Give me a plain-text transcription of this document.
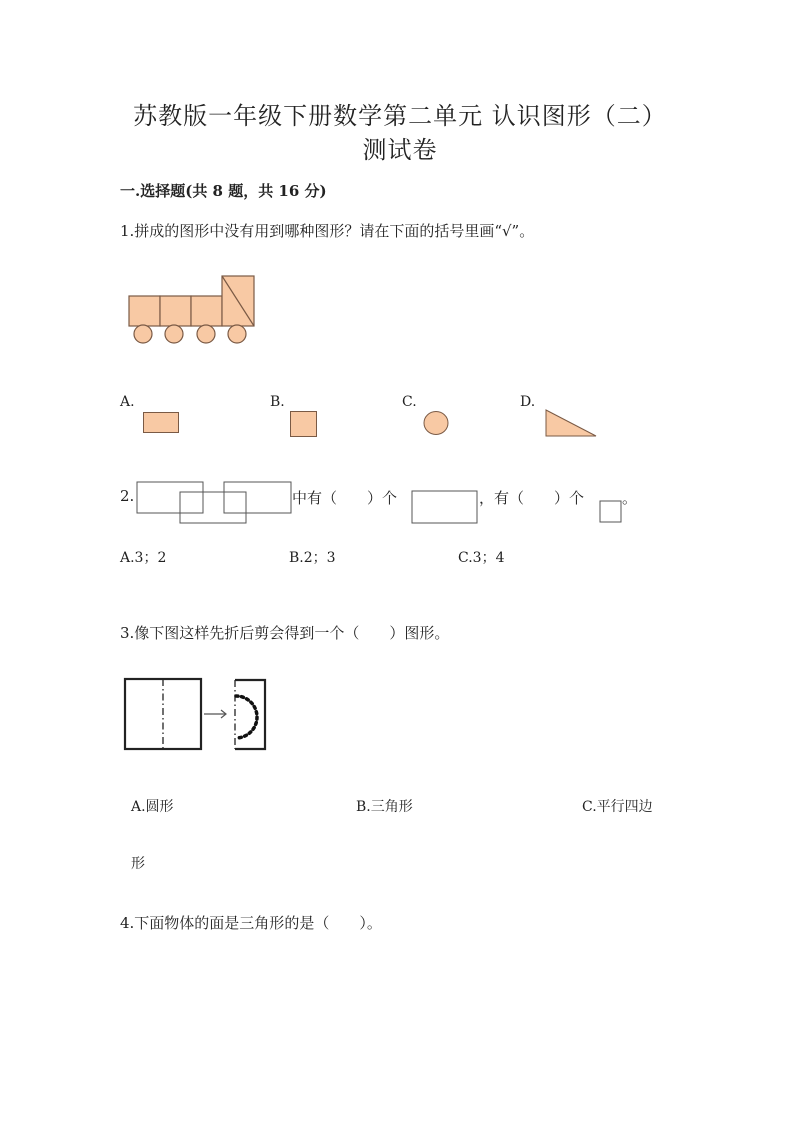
苏教版一年级下册数学第二单元 认识图形（二）
测试卷
一.选择题(共 8 题，共 16 分)
1.拼成的图形中没有用到哪种图形？请在下面的括号里画“√”。
A.	B.	C.	D.
2.	中有（　　）个	，有（　　）个	。
A.3；2	B.2；3	C.3；4
3.像下图这样先折后剪会得到一个（　　）图形。
A.圆形	B.三角形	C.平行四边
形
4.下面物体的面是三角形的是（　　）。
